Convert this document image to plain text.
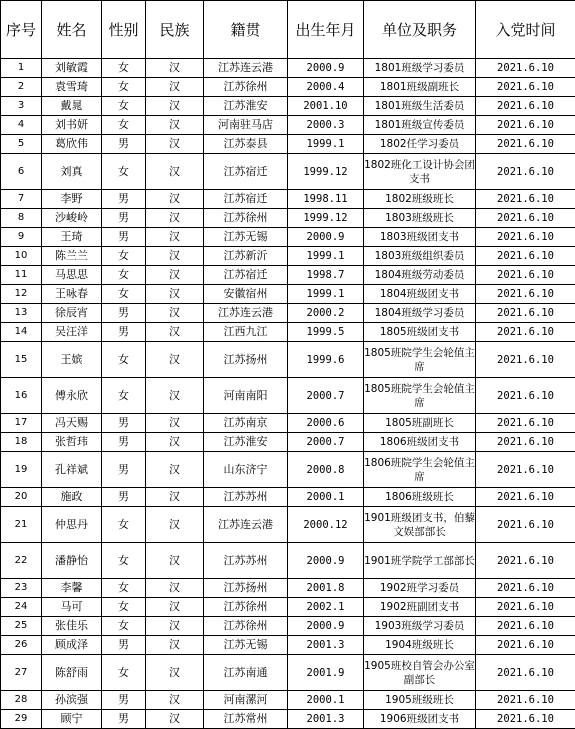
序号	姓名	性别	民族	籍贯	出生年月	单位及职务	入党时间
1	刘敏霞	女	汉	江苏连云港	2000.9	1801班级学习委员	2021.6.10
2	袁雪琦	女	汉	江苏徐州	2000.4	1801班级副班长	2021.6.10
3	戴晁	女	汉	江苏淮安	2001.10	1801班级生活委员	2021.6.10
4	刘书妍	女	汉	河南驻马店	2000.3	1801班级宣传委员	2021.6.10
5	葛欣伟	男	汉	江苏泰县	1999.1	1802任学习委员	2021.6.10
6	刘真	女	汉	江苏宿迁	1999.12	1802班化工设计协会团支书	2021.6.10
7	李野	男	汉	江苏宿迁	1998.11	1802班级班长	2021.6.10
8	沙峻岭	男	汉	江苏徐州	1999.12	1803班级班长	2021.6.10
9	王琦	男	汉	江苏无锡	2000.9	1803班级团支书	2021.6.10
10	陈兰兰	女	汉	江苏新沂	1999.1	1803班级组织委员	2021.6.10
11	马思思	女	汉	江苏宿迁	1998.7	1804班级劳动委员	2021.6.10
12	王咏春	女	汉	安徽宿州	1999.1	1804班级团支书	2021.6.10
13	徐辰宵	男	汉	江苏连云港	2000.2	1804班级学习委员	2021.6.10
14	吴汪洋	男	汉	江西九江	1999.5	1805班级团支书	2021.6.10
15	王嫔	女	汉	江苏扬州	1999.6	1805班院学生会轮值主席	2021.6.10
16	傅永欣	女	汉	河南南阳	2000.7	1805班院学生会轮值主席	2021.6.10
17	冯天赐	男	汉	江苏南京	2000.6	1805班副班长	2021.6.10
18	张哲玮	男	汉	江苏淮安	2000.7	1806班级团支书	2021.6.10
19	孔祥斌	男	汉	山东济宁	2000.8	1806班院学生会轮值主席	2021.6.10
20	施政	男	汉	江苏苏州	2000.1	1806班级班长	2021.6.10
21	仲思丹	女	汉	江苏连云港	2000.12	1901班级团支书，伯藜文娱部部长	2021.6.10
22	潘静怡	女	汉	江苏苏州	2000.9	1901班学院学工部部长	2021.6.10
23	李馨	女	汉	江苏扬州	2001.8	1902班学习委员	2021.6.10
24	马可	女	汉	江苏徐州	2002.1	1902班副团支书	2021.6.10
25	张佳乐	女	汉	江苏徐州	2000.9	1903班级学习委员	2021.6.10
26	顾成泽	男	汉	江苏无锡	2001.3	1904班级班长	2021.6.10
27	陈舒雨	女	汉	江苏南通	2001.9	1905班校自管会办公室副部长	2021.6.10
28	孙滨强	男	汉	河南漯河	2000.1	1905班级班长	2021.6.10
29	顾宁	男	汉	江苏常州	2001.3	1906班级团支书	2021.6.10
